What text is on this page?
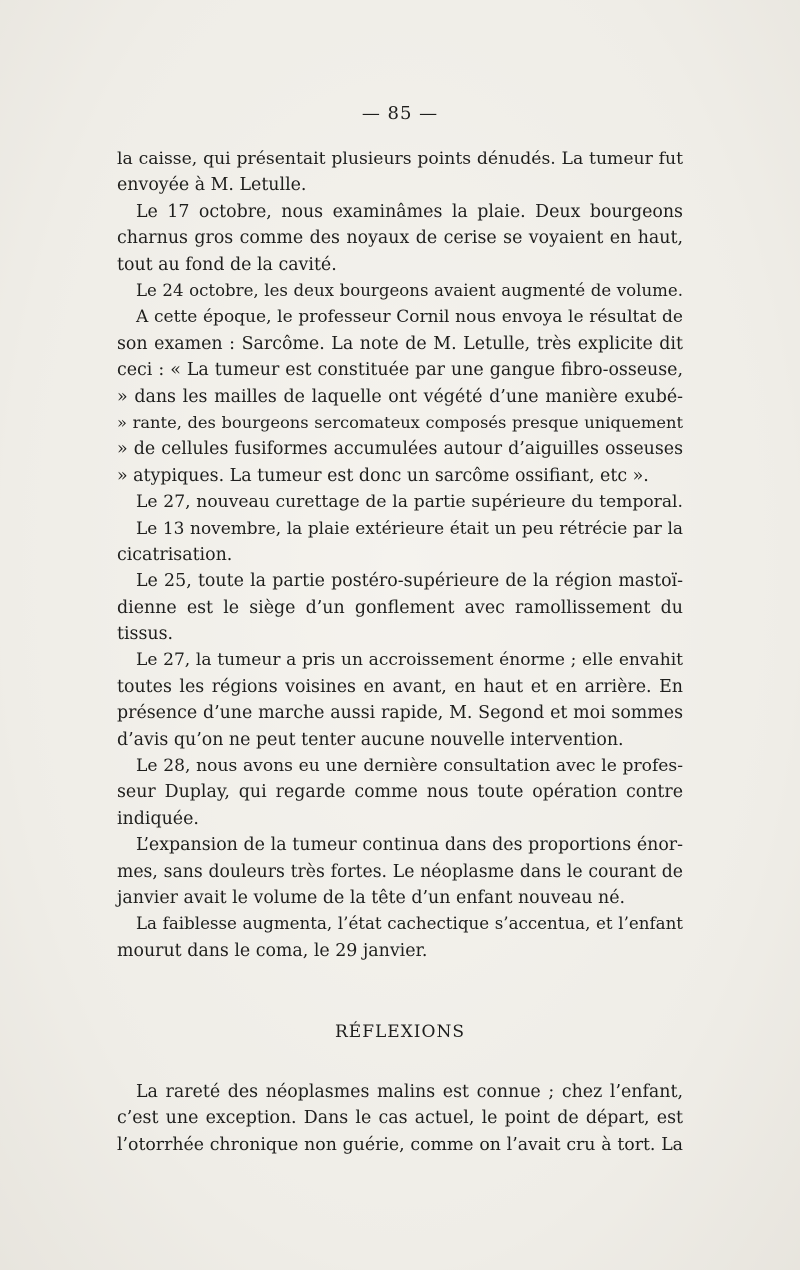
— 85 —
la caisse, qui présentait plusieurs points dénudés. La tumeur fut
envoyée à M. Letulle.
Le 17 octobre, nous examinâmes la plaie. Deux bourgeons
charnus gros comme des noyaux de cerise se voyaient en haut,
tout au fond de la cavité.
Le 24 octobre, les deux bourgeons avaient augmenté de volume.
A cette époque, le professeur Cornil nous envoya le résultat de
son examen : Sarcôme. La note de M. Letulle, très explicite dit
ceci : « La tumeur est constituée par une gangue fibro-osseuse,
» dans les mailles de laquelle ont végété d’une manière exubé-
» rante, des bourgeons sercomateux composés presque uniquement
» de cellules fusiformes accumulées autour d’aiguilles osseuses
» atypiques. La tumeur est donc un sarcôme ossifiant, etc ».
Le 27, nouveau curettage de la partie supérieure du temporal.
Le 13 novembre, la plaie extérieure était un peu rétrécie par la
cicatrisation.
Le 25, toute la partie postéro-supérieure de la région mastoï-
dienne est le siège d’un gonflement avec ramollissement du
tissus.
Le 27, la tumeur a pris un accroissement énorme ; elle envahit
toutes les régions voisines en avant, en haut et en arrière. En
présence d’une marche aussi rapide, M. Segond et moi sommes
d’avis qu’on ne peut tenter aucune nouvelle intervention.
Le 28, nous avons eu une dernière consultation avec le profes-
seur Duplay, qui regarde comme nous toute opération contre
indiquée.
L’expansion de la tumeur continua dans des proportions énor-
mes, sans douleurs très fortes. Le néoplasme dans le courant de
janvier avait le volume de la tête d’un enfant nouveau né.
La faiblesse augmenta, l’état cachectique s’accentua, et l’enfant
mourut dans le coma, le 29 janvier.
RÉFLEXIONS
La rareté des néoplasmes malins est connue ; chez l’enfant,
c’est une exception. Dans le cas actuel, le point de départ, est
l’otorrhée chronique non guérie, comme on l’avait cru à tort. La
